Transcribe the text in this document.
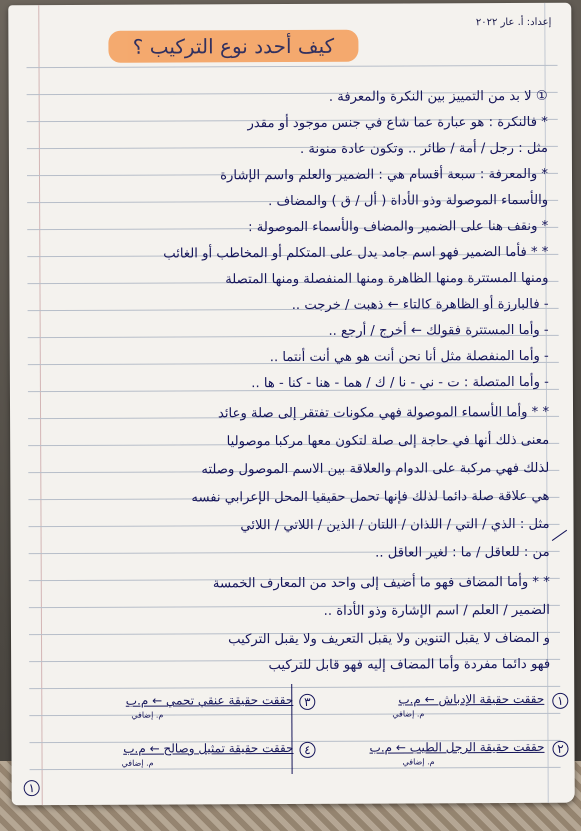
كيف أحدد نوع التركيب ؟
إعداد: أ. عار ٢٠٢٢
① لا بد من التمييز بين النكرة والمعرفة .
* فالنكرة : هو عبارة عما شاع في جنس موجود أو مقدر
مثل : رجل / أمة / طائر .. وتكون عادة منونة .
* والمعرفة : سبعة أقسام هي : الضمير والعلم واسم الإشارة
والأسماء الموصولة وذو الأداة ( أل / ق ) والمضاف .
* ونقف هنا على الضمير والمضاف والأسماء الموصولة :
* * فأما الضمير فهو اسم جامد يدل على المتكلم أو المخاطب أو الغائب
ومنها المستترة ومنها الظاهرة ومنها المنفصلة ومنها المتصلة
- فالبارزة أو الظاهرة كالتاء ← ذهبت / خرجت ..
- وأما المستترة فقولك ← أخرج / أرجع ..
- وأما المنفصلة مثل أنا نحن أنت هو هي أنت أنتما ..
- وأما المتصلة : ت - ني - نا / ك / هما - هنا - كنا - ها ..
* * وأما الأسماء الموصولة فهي مكونات تفتقر إلى صلة وعائد
معنى ذلك أنها في حاجة إلى صلة لتكون معها مركبا موصوليا
لذلك فهي مركبة على الدوام والعلاقة بين الاسم الموصول وصلته
هي علاقة صلة دائما لذلك فإنها تحمل حقيقيا المحل الإعرابي نفسه
مثل : الذي / التي / اللذان / اللتان / الذين / اللاتي / اللائي
من : للعاقل / ما : لغير العاقل ..
* * وأما المضاف فهو ما أضيف إلى واحد من المعارف الخمسة
الضمير / العلم / اسم الإشارة وذو الأداة ..
و المضاف لا يقبل التنوين ولا يقبل التعريف ولا يقبل التركيب
فهو دائما مفردة وأما المضاف إليه فهو قابل للتركيب
١
حققت حقيقة الإدباش ← م.ب
م. إضافي
٣
حققت حقيقة عنقي تحمي ← م.ب
م. إضافي
٢
حققت حقيقة الرجل الطيب ← م.ب
م. إضافي
٤
حققت حقيقة تمثيل وصالح ← م.ب
م. إضافي
١
